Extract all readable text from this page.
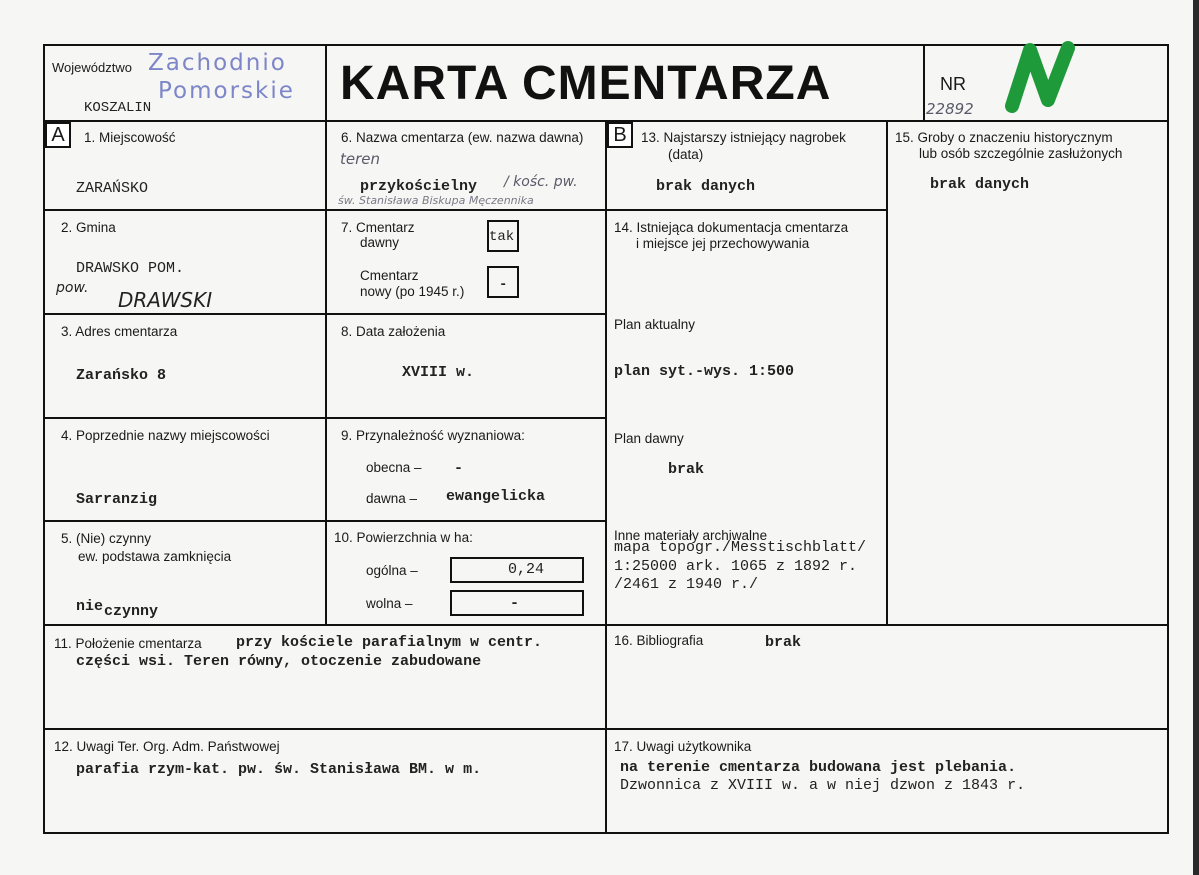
Województwo Zachodnio
Pomorskie
KOSZALIN	KARTA CMENTARZA	NR
22892
A	B
1. Miejscowość
ZARAŃSKO
2. Gmina
DRAWSKO POM.
pow. DRAWSKI
3. Adres cmentarza
Zarańsko 8
4. Poprzednie nazwy miejscowości
Sarranzig
5. (Nie) czynny
ew. podstawa zamknięcia
nie czynny
6. Nazwa cmentarza (ew. nazwa dawna)
teren
przykościelny / kośc. pw.
św. Stanisława Biskupa Męczennika
7. Cmentarz
dawny	tak
Cmentarz
nowy (po 1945 r.) -
8. Data założenia
XVIII w.
9. Przynależność wyznaniowa:
obecna – -
dawna – ewangelicka
10. Powierzchnia w ha:
ogólna –	0,24
wolna –	-
13. Najstarszy istniejący nagrobek
(data)
brak danych
14. Istniejąca dokumentacja cmentarza
i miejsce jej przechowywania
Plan aktualny
plan syt.-wys. 1:500
Plan dawny
brak
Inne materiały archiwalne
mapa topogr./Messtischblatt/
1:25000 ark. 1065 z 1892 r.
/2461 z 1940 r./
15. Groby o znaczeniu historycznym
lub osób szczególnie zasłużonych
brak danych
11. Położenie cmentarza przy kościele parafialnym w centr.
części wsi. Teren równy, otoczenie zabudowane
16. Bibliografia	brak
12. Uwagi Ter. Org. Adm. Państwowej
parafia rzym-kat. pw. św. Stanisława BM. w m.
17. Uwagi użytkownika
na terenie cmentarza budowana jest plebania.
Dzwonnica z XVIII w. a w niej dzwon z 1843 r.
